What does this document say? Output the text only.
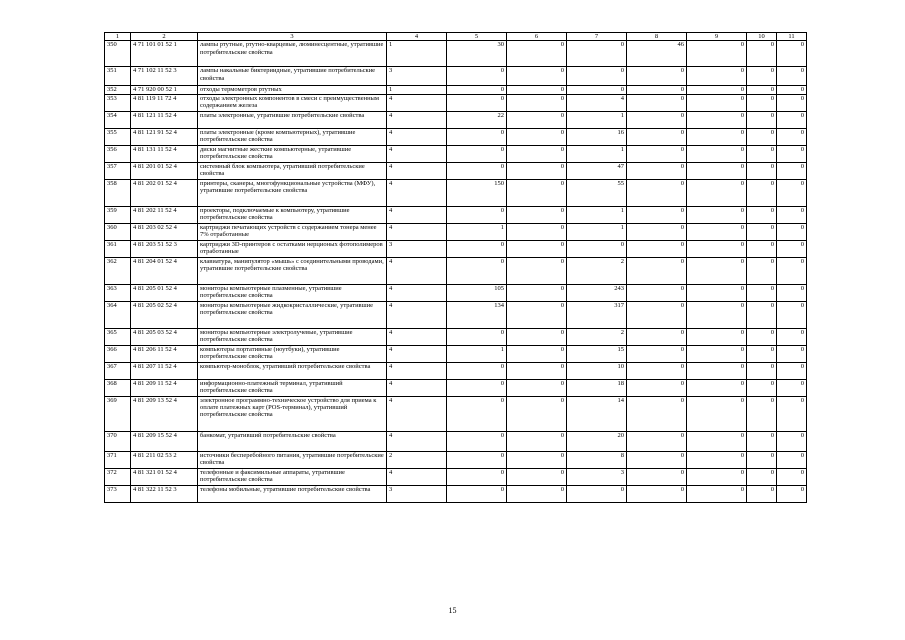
1	2	3	4	5	6	7	8	9	10	11
350	4 71 101 01 52 1	лампы ртутные, ртутно-кварцевые, люминесцентные, утратившие потребительские свойства	1	30	0	0	46	0	0	0
351	4 71 102 11 52 3	лампы накальные биктериидные, утратившие потребительские свойства	3	0	0	0	0	0	0	0
352	4 71 920 00 52 1	отходы термометров ртутных	1	0	0	0	0	0	0	0
353	4 81 119 11 72 4	отходы электронных компонентов в смеси с преимущественным содержанием железа	4	0	0	4	0	0	0	0
354	4 81 121 11 52 4	платы электронные, утратившие потребительские свойства	4	22	0	1	0	0	0	0
355	4 81 121 91 52 4	платы электронные (кроме компьютерных), утратившие потребительские свойства	4	0	0	16	0	0	0	0
356	4 81 131 11 52 4	диски магнитные жесткие компьютерные, утратившие потребительские свойства	4	0	0	1	0	0	0	0
357	4 81 201 01 52 4	системный блок компьютера, утративший потребительские свойства	4	0	0	47	0	0	0	0
358	4 81 202 01 52 4	принтеры, сканеры, многофункциональные устройства (МФУ), утратившие потребительские свойства	4	150	0	55	0	0	0	0
359	4 81 202 11 52 4	проекторы, подключаемые к компьютеру, утратившие потребительские свойства	4	0	0	1	0	0	0	0
360	4 81 203 02 52 4	картриджи печатающих устройств с содержанием тонера менее 7% отработанные	4	1	0	1	0	0	0	0
361	4 81 203 51 52 3	картриджи 3D-принтеров с остатками нерционых фотополимеров отработанные	3	0	0	0	0	0	0	0
362	4 81 204 01 52 4	клавиатура, манипулятор «мышь» с соединительными проводами, утратившие потребительские свойства	4	0	0	2	0	0	0	0
363	4 81 205 01 52 4	мониторы компьютерные плазменные, утратившие потребительские свойства	4	105	0	243	0	0	0	0
364	4 81 205 02 52 4	мониторы компьютерные жидкокристаллические, утратившие потребительские свойства	4	134	0	317	0	0	0	0
365	4 81 205 03 52 4	мониторы компьютерные электролучевые, утратившие потребительские свойства	4	0	0	2	0	0	0	0
366	4 81 206 11 52 4	компьютеры портативные (ноутбуки), утратившие потребительские свойства	4	1	0	15	0	0	0	0
367	4 81 207 11 52 4	компьютер-моноблок, утративший потребительские свойства	4	0	0	10	0	0	0	0
368	4 81 209 11 52 4	информационно-платежный терминал, утративший потребительские свойства	4	0	0	18	0	0	0	0
369	4 81 209 13 52 4	электронное программно-техническое устройство для приема к оплате платежных карт (POS-терминал), утративший потребительские свойства	4	0	0	14	0	0	0	0
370	4 81 209 15 52 4	банкомат, утративший потребительские свойства	4	0	0	20	0	0	0	0
371	4 81 211 02 53 2	источники бесперебойного питания, утратившие потребительские свойства	2	0	0	8	0	0	0	0
372	4 81 321 01 52 4	телефонные и факсимильные аппараты, утратившие потребительские свойства	4	0	0	3	0	0	0	0
373	4 81 322 11 52 3	телефоны мобильные, утратившие потребительские свойства	3	0	0	0	0	0	0	0
15
